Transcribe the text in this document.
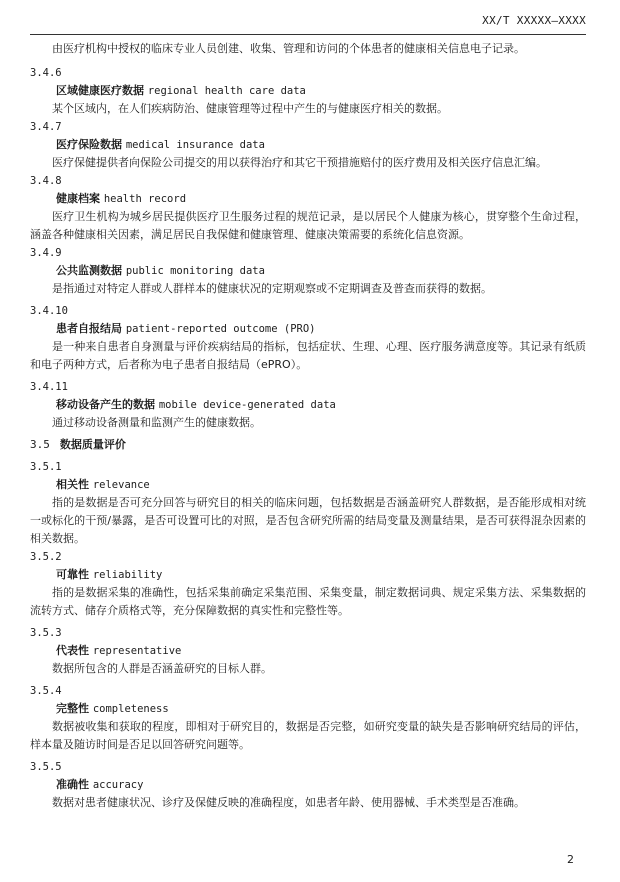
XX/T XXXXX—XXXX

由医疗机构中授权的临床专业人员创建、收集、管理和访问的个体患者的健康相关信息电子记录。

3.4.6

区域健康医疗数据 regional health care data

某个区域内，在人们疾病防治、健康管理等过程中产生的与健康医疗相关的数据。

3.4.7

医疗保险数据 medical insurance data

医疗保健提供者向保险公司提交的用以获得治疗和其它干预措施赔付的医疗费用及相关医疗信息汇编。

3.4.8

健康档案 health record

医疗卫生机构为城乡居民提供医疗卫生服务过程的规范记录，是以居民个人健康为核心，贯穿整个生命过程，涵盖各种健康相关因素，满足居民自我保健和健康管理、健康决策需要的系统化信息资源。

3.4.9

公共监测数据 public monitoring data

是指通过对特定人群或人群样本的健康状况的定期观察或不定期调查及普查而获得的数据。

3.4.10

患者自报结局 patient-reported outcome (PRO)

是一种来自患者自身测量与评价疾病结局的指标，包括症状、生理、心理、医疗服务满意度等。其记录有纸质和电子两种方式，后者称为电子患者自报结局（ePRO）。

3.4.11

移动设备产生的数据 mobile device-generated data

通过移动设备测量和监测产生的健康数据。

3.5 数据质量评价

3.5.1

相关性 relevance

指的是数据是否可充分回答与研究目的相关的临床问题，包括数据是否涵盖研究人群数据，是否能形成相对统一或标化的干预/暴露，是否可设置可比的对照，是否包含研究所需的结局变量及测量结果，是否可获得混杂因素的相关数据。

3.5.2

可靠性 reliability

指的是数据采集的准确性，包括采集前确定采集范围、采集变量，制定数据词典、规定采集方法、采集数据的流转方式、储存介质格式等，充分保障数据的真实性和完整性等。

3.5.3

代表性 representative

数据所包含的人群是否涵盖研究的目标人群。

3.5.4

完整性 completeness

数据被收集和获取的程度，即相对于研究目的，数据是否完整，如研究变量的缺失是否影响研究结局的评估，样本量及随访时间是否足以回答研究问题等。

3.5.5

准确性 accuracy

数据对患者健康状况、诊疗及保健反映的准确程度，如患者年龄、使用器械、手术类型是否准确。

2
